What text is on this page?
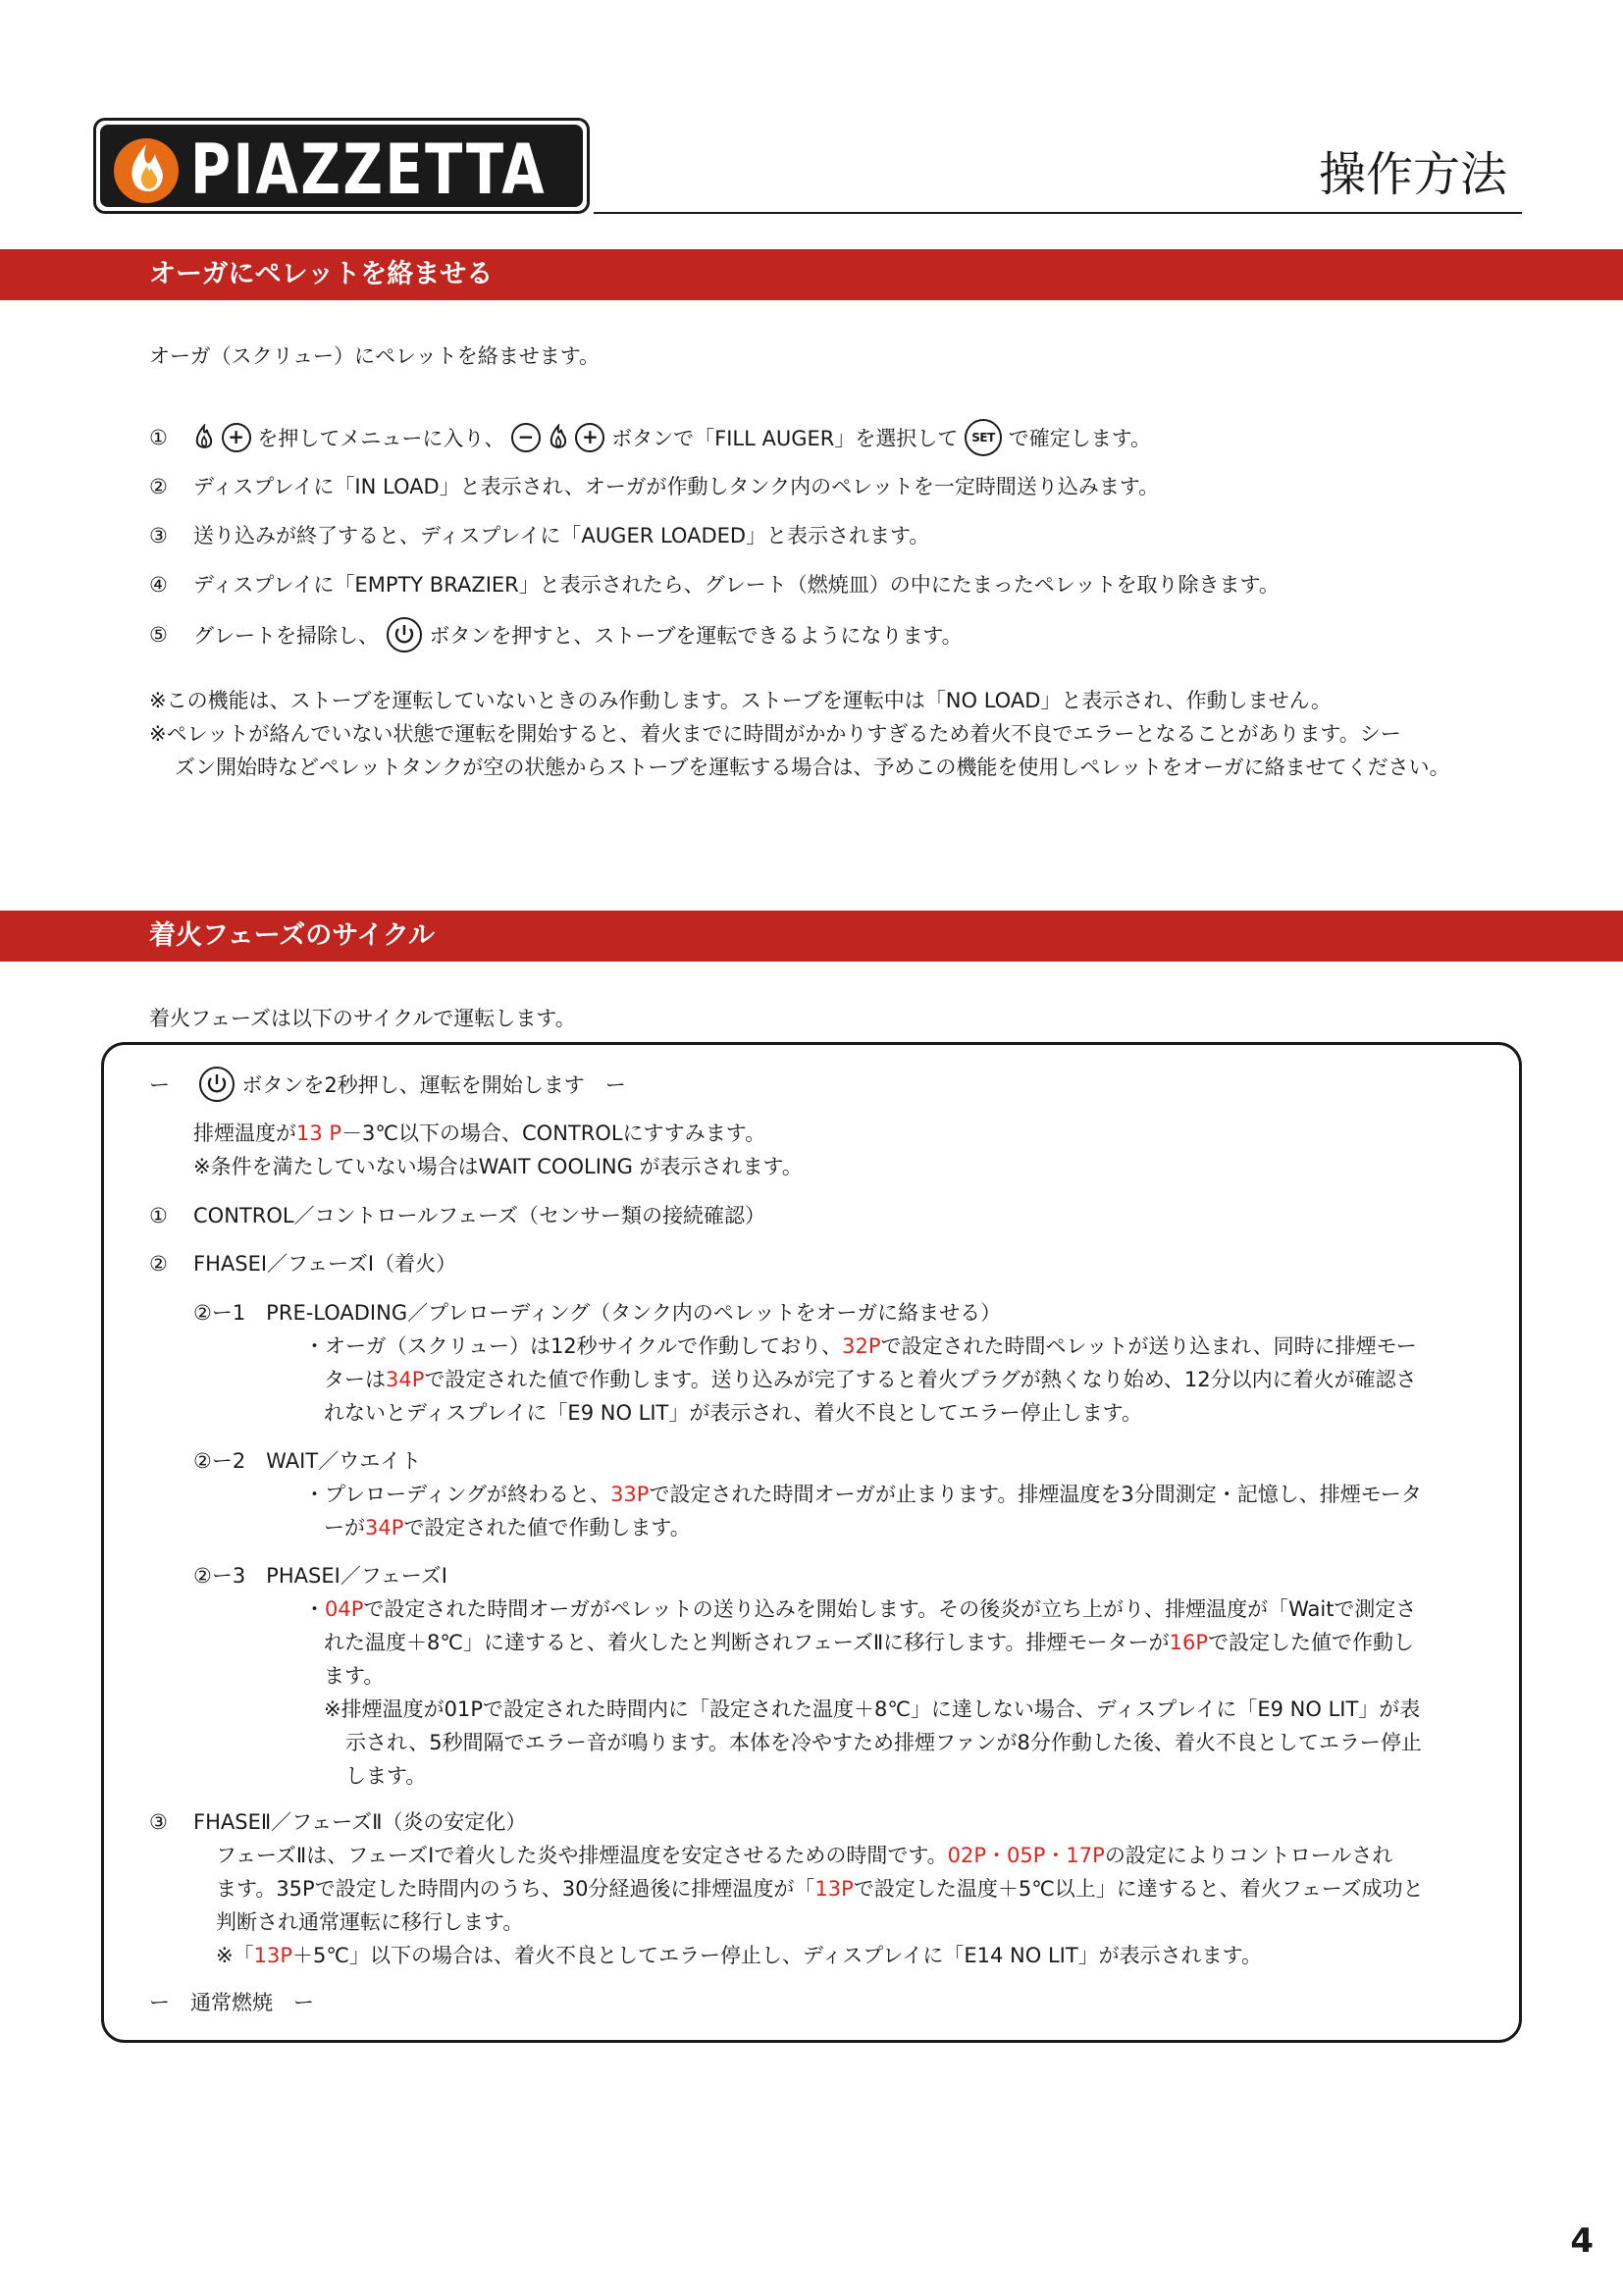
PIAZZETTA	操作方法
オーガにペレットを絡ませる
オーガ（スクリュー）にペレットを絡ませます。
①	+ を押してメニューに入り、 − + ボタンで「FILL AUGER」を選択して SET で確定します。
② ディスプレイに「IN LOAD」と表示され、オーガが作動しタンク内のペレットを一定時間送り込みます。
③ 送り込みが終了すると、ディスプレイに「AUGER LOADED」と表示されます。
④ ディスプレイに「EMPTY BRAZIER」と表示されたら、グレート（燃焼皿）の中にたまったペレットを取り除きます。
⑤ グレートを掃除し、 ボタンを押すと、ストーブを運転できるようになります。
※この機能は、ストーブを運転していないときのみ作動します。ストーブを運転中は「NO LOAD」と表示され、作動しません。
※ペレットが絡んでいない状態で運転を開始すると、着火までに時間がかかりすぎるため着火不良でエラーとなることがあります。シー
ズン開始時などペレットタンクが空の状態からストーブを運転する場合は、予めこの機能を使用しペレットをオーガに絡ませてください。
着火フェーズのサイクル
着火フェーズは以下のサイクルで運転します。
ー	ボタンを2秒押し、運転を開始します　ー
排煙温度が13 P－3℃以下の場合、CONTROLにすすみます。
※条件を満たしていない場合はWAIT COOLING が表示されます。
① CONTROL／コントロールフェーズ（センサー類の接続確認）
② FHASEⅠ／フェーズⅠ（着火）
②ー1　PRE-LOADING／プレローディング（タンク内のペレットをオーガに絡ませる）
・オーガ（スクリュー）は12秒サイクルで作動しており、32Pで設定された時間ペレットが送り込まれ、同時に排煙モー
ターは34Pで設定された値で作動します。送り込みが完了すると着火プラグが熱くなり始め、12分以内に着火が確認さ
れないとディスプレイに「E9 NO LIT」が表示され、着火不良としてエラー停止します。
②ー2　WAIT／ウエイト
・プレローディングが終わると、33Pで設定された時間オーガが止まります。排煙温度を3分間測定・記憶し、排煙モータ
ーが34Pで設定された値で作動します。
②ー3　PHASEⅠ／フェーズⅠ
・04Pで設定された時間オーガがペレットの送り込みを開始します。その後炎が立ち上がり、排煙温度が「Waitで測定さ
れた温度＋8℃」に達すると、着火したと判断されフェーズⅡに移行します。排煙モーターが16Pで設定した値で作動し
ます。
※排煙温度が01Pで設定された時間内に「設定された温度＋8℃」に達しない場合、ディスプレイに「E9 NO LIT」が表
示され、5秒間隔でエラー音が鳴ります。本体を冷やすため排煙ファンが8分作動した後、着火不良としてエラー停止
します。
③ FHASEⅡ／フェーズⅡ（炎の安定化）
フェーズⅡは、フェーズⅠで着火した炎や排煙温度を安定させるための時間です。02P・05P・17Pの設定によりコントロールされ
ます。35Pで設定した時間内のうち、30分経過後に排煙温度が「13Pで設定した温度＋5℃以上」に達すると、着火フェーズ成功と
判断され通常運転に移行します。
※「13P＋5℃」以下の場合は、着火不良としてエラー停止し、ディスプレイに「E14 NO LIT」が表示されます。
ー　通常燃焼　ー
4
